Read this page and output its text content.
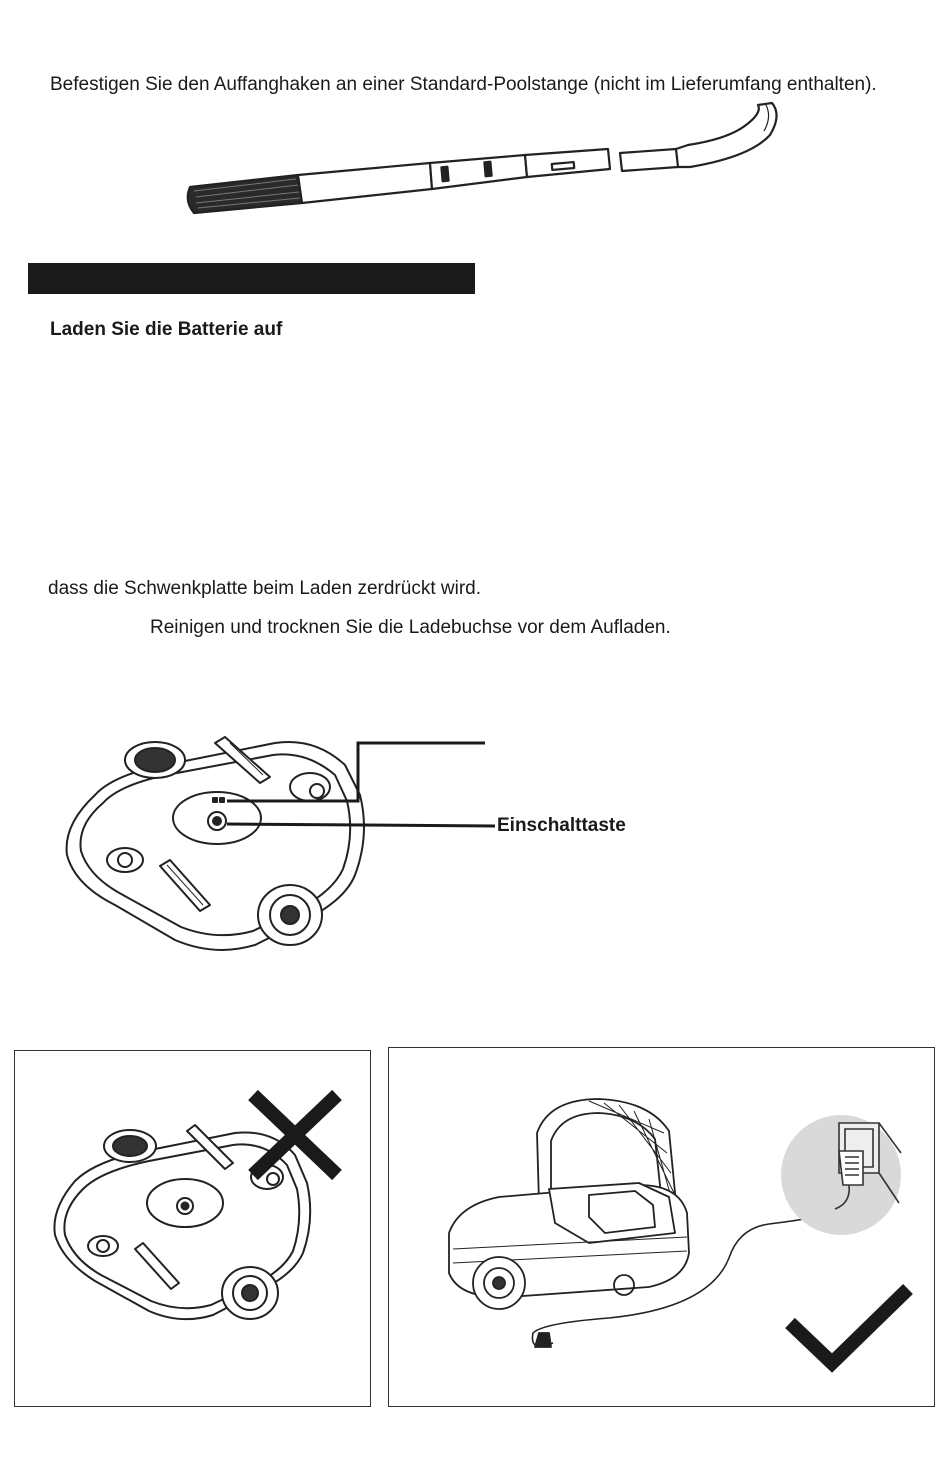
Befestigen Sie den Auffanghaken an einer Standard-Poolstange (nicht im Lieferumfang enthalten).
Laden Sie die Batterie auf
dass die Schwenkplatte beim Laden zerdrückt wird.
Reinigen und trocknen Sie die Ladebuchse vor dem Aufladen.
Einschalttaste
